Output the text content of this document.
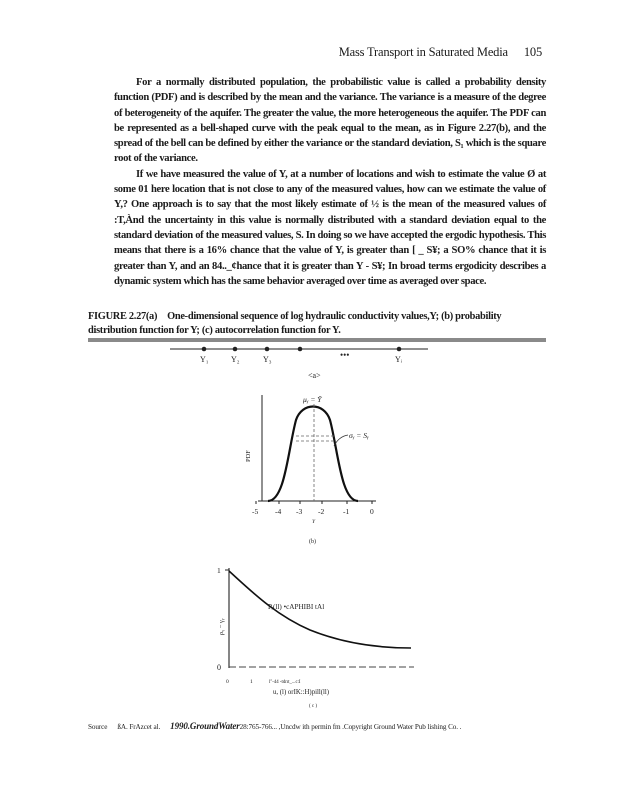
Mass Transport in Saturated Media 105

For a normally distributed population, the probabilistic value is called a probability density function (PDF) and is described by the mean and the variance. The variance is a measure of the degree of beterogeneity of the aquifer. The greater the value, the more heterogeneous the aquifer. The PDF can be represented as a bell-shaped curve with the peak equal to the mean, as in Figure 2.27(b), and the spread of the bell can be defined by either the variance or the standard deviation, S₁ which is the square root of the variance.

If we have measured the value of Y, at a number of locations and wish to estimate the value Ø at some 01 here location that is not close to any of the measured values, how can we estimate the value of Y,? One approach is to say that the most likely estimate of ½ is the mean of the measured values of :T,Ànd the uncertainty in this value is normally distributed with a standard deviation equal to the standard deviation of the measured values, S. In doing so we have accepted the ergodic hypothesis. This means that there is a 16% chance that the value of Y, is greater than [ _ S¥; a SO% chance that it is greater than Y, and an 84.._¢hance that it is greater than Y - S¥; In broad terms ergodicity describes a dynamic system which has the same behavior averaged over time as averaged over space.

FIGURE 2.27(a) One-dimensional sequence of log hydraulic conductivity values,Y; (b) probability distribution function for Y; (c) autocorrelation function for Y.
Y₁	Y₂	Y₃	•••	Yᵢ
<a>
μᵧ = Ȳ
σᵧ = Sᵧ
PDF
-5 -4 -3 -2	-1	0
Y
(b)
1
0
ρᵧ − γᵧ
P,(ll) •cAPHIBI tAl
0	1	l"-44 -tdrıt_...c:I
u, (l) orIK::H)pill(ll)
( c )
Source ßA. FrAzcet al. 1990.GroundWater28:765-766... ,Uncdw ith permin fm .Copyright Ground Water Pub lishing Co. .
